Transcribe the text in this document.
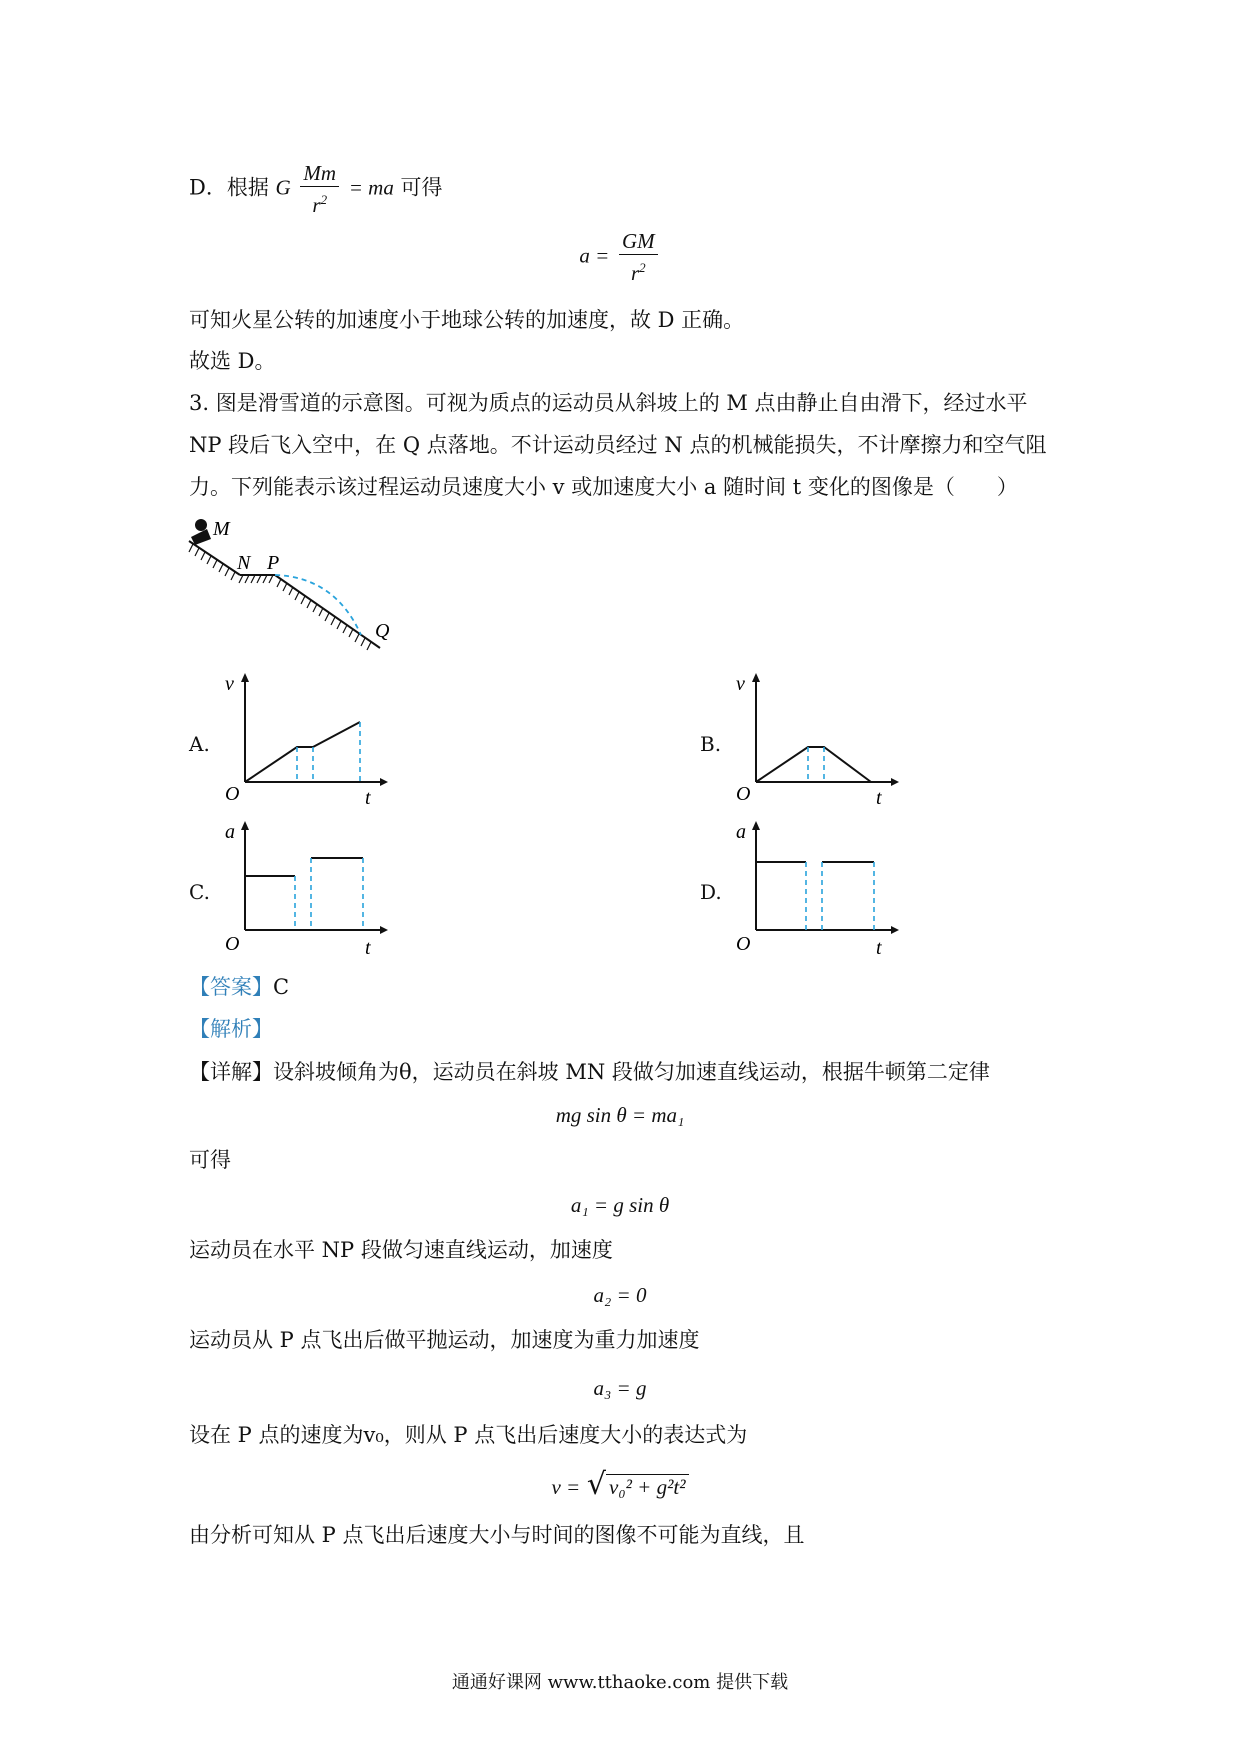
D．根据 G $\frac{Mm}{r^2}$ = ma 可得
$a = \frac{GM}{r^2}$
可知火星公转的加速度小于地球公转的加速度，故 D 正确。
故选 D。
3. 图是滑雪道的示意图。可视为质点的运动员从斜坡上的 M 点由静止自由滑下，经过水平
NP 段后飞入空中，在 Q 点落地。不计运动员经过 N 点的机械能损失，不计摩擦力和空气阻
力。下列能表示该过程运动员速度大小 v 或加速度大小 a 随时间 t 变化的图像是（　　）
M
N P
Q
A.
v
O	t
B.
v
O	t
C.
a
O	t
D.
a
O	t
【答案】C
【解析】
【详解】设斜坡倾角为θ，运动员在斜坡 MN 段做匀加速直线运动，根据牛顿第二定律
mg sin θ = ma₁
可得
a₁ = g sin θ
运动员在水平 NP 段做匀速直线运动，加速度
a₂ = 0
运动员从 P 点飞出后做平抛运动，加速度为重力加速度
a₃ = g
设在 P 点的速度为v₀，则从 P 点飞出后速度大小的表达式为
v = √ v₀² + g²t²
由分析可知从 P 点飞出后速度大小与时间的图像不可能为直线，且
通通好课网 www.tthaoke.com 提供下载
